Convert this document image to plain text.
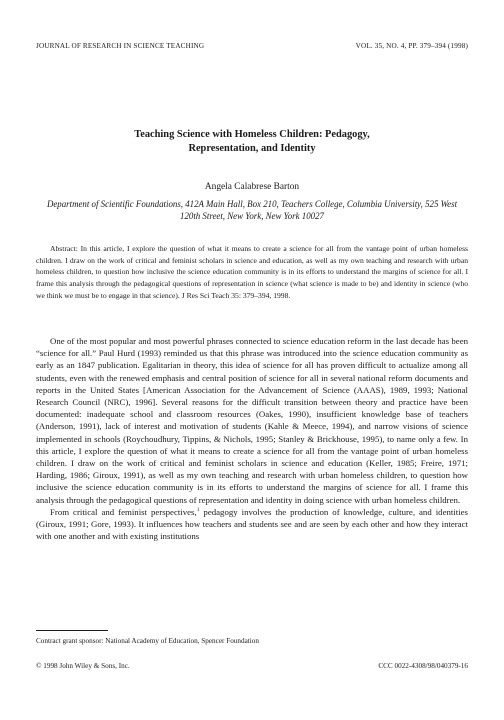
JOURNAL OF RESEARCH IN SCIENCE TEACHING	VOL. 35, NO. 4, PP. 379–394 (1998)
Teaching Science with Homeless Children: Pedagogy,
Representation, and Identity
Angela Calabrese Barton
Department of Scientific Foundations, 412A Main Hall, Box 210, Teachers College, Columbia University, 525 West 120th Street, New York, New York 10027

Abstract: In this article, I explore the question of what it means to create a science for all from the vantage point of urban homeless children. I draw on the work of critical and feminist scholars in science and education, as well as my own teaching and research with urban homeless children, to question how inclusive the science education community is in its efforts to understand the margins of science for all. I frame this analysis through the pedagogical questions of representation in science (what science is made to be) and identity in science (who we think we must be to engage in that science). J Res Sci Teach 35: 379–394, 1998.

One of the most popular and most powerful phrases connected to science education reform in the last decade has been “science for all.” Paul Hurd (1993) reminded us that this phrase was introduced into the science education community as early as an 1847 publication. Egalitarian in theory, this idea of science for all has proven difficult to actualize among all students, even with the renewed emphasis and central position of science for all in several national reform documents and reports in the United States [American Association for the Advancement of Science (AAAS), 1989, 1993; National Research Council (NRC), 1996]. Several reasons for the difficult transition between theory and practice have been documented: inadequate school and classroom resources (Oakes, 1990), insufficient knowledge base of teachers (Anderson, 1991), lack of interest and motivation of students (Kahle & Meece, 1994), and narrow visions of science implemented in schools (Roychoudhury, Tippins, & Nichols, 1995; Stanley & Brickhouse, 1995), to name only a few. In this article, I explore the question of what it means to create a science for all from the vantage point of urban homeless children. I draw on the work of critical and feminist scholars in science and education (Keller, 1985; Freire, 1971; Harding, 1986; Giroux, 1991), as well as my own teaching and research with urban homeless children, to question how inclusive the science education community is in its efforts to understand the margins of science for all. I frame this analysis through the pedagogical questions of representation and identity in doing science with urban homeless children.

From critical and feminist perspectives,$^1$ pedagogy involves the production of knowledge, culture, and identities (Giroux, 1991; Gore, 1993). It influences how teachers and students see and are seen by each other and how they interact with one another and with existing institutions

Contract grant sponsor: National Academy of Education, Spencer Foundation
© 1998 John Wiley & Sons, Inc.	CCC 0022-4308/98/040379-16
